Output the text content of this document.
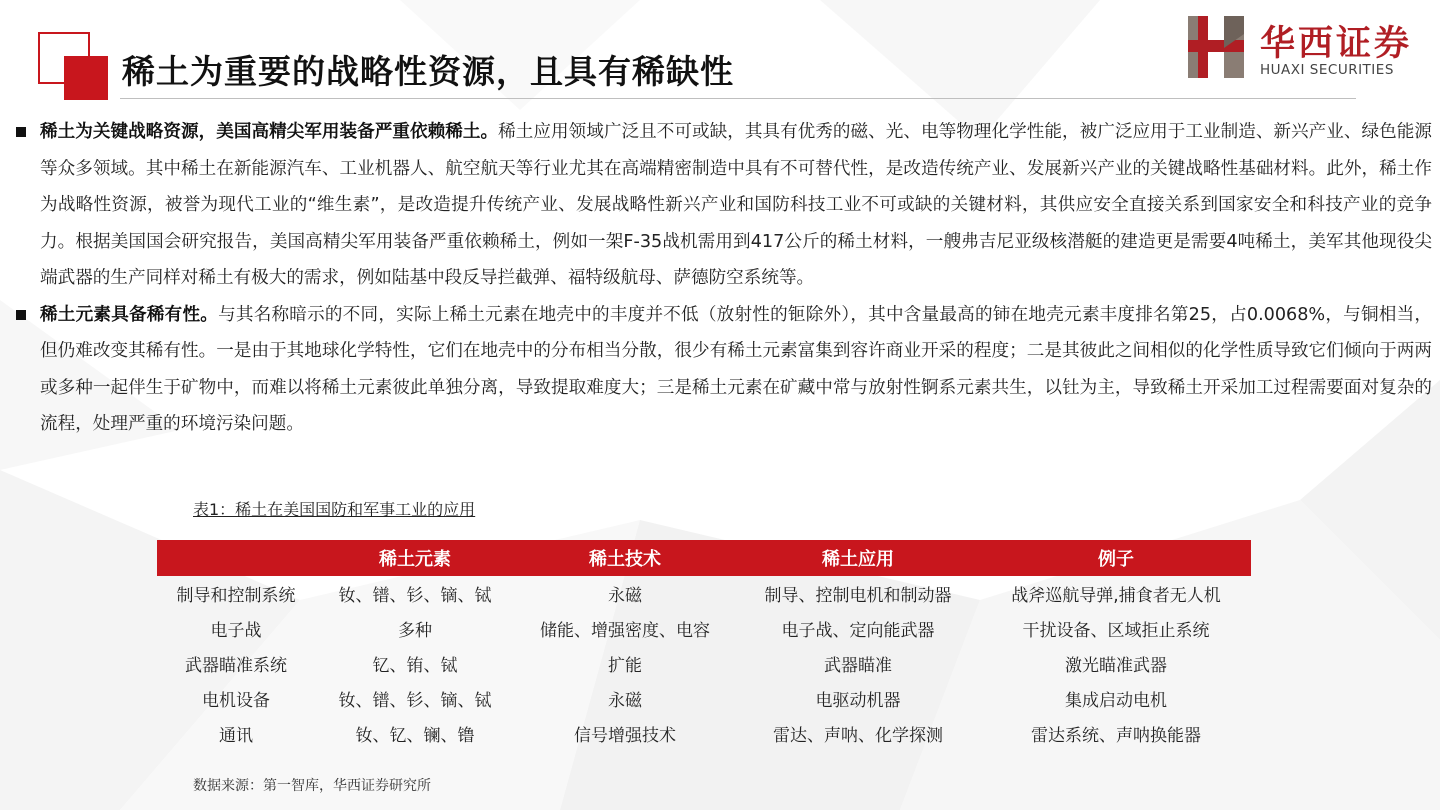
稀土为重要的战略性资源，且具有稀缺性
华西证券
HUAXI SECURITIES
稀土为关键战略资源，美国高精尖军用装备严重依赖稀土。稀土应用领域广泛且不可或缺，其具有优秀的磁、光、电等物理化学性能，被广泛应用于工业制造、新兴产业、绿色能源等众多领域。其中稀土在新能源汽车、工业机器人、航空航天等行业尤其在高端精密制造中具有不可替代性，是改造传统产业、发展新兴产业的关键战略性基础材料。此外，稀土作为战略性资源，被誉为现代工业的“维生素”，是改造提升传统产业、发展战略性新兴产业和国防科技工业不可或缺的关键材料，其供应安全直接关系到国家安全和科技产业的竞争力。根据美国国会研究报告，美国高精尖军用装备严重依赖稀土，例如一架F-35战机需用到417公斤的稀土材料，一艘弗吉尼亚级核潜艇的建造更是需要4吨稀土，美军其他现役尖端武器的生产同样对稀土有极大的需求，例如陆基中段反导拦截弹、福特级航母、萨德防空系统等。
稀土元素具备稀有性。与其名称暗示的不同，实际上稀土元素在地壳中的丰度并不低（放射性的钷除外），其中含量最高的铈在地壳元素丰度排名第25，占0.0068%，与铜相当，但仍难改变其稀有性。一是由于其地球化学特性，它们在地壳中的分布相当分散，很少有稀土元素富集到容许商业开采的程度；二是其彼此之间相似的化学性质导致它们倾向于两两或多种一起伴生于矿物中，而难以将稀土元素彼此单独分离，导致提取难度大；三是稀土元素在矿藏中常与放射性锕系元素共生，以钍为主，导致稀土开采加工过程需要面对复杂的流程，处理严重的环境污染问题。
表1：稀土在美国国防和军事工业的应用
	稀土元素	稀土技术	稀土应用	例子
制导和控制系统	钕、镨、钐、镝、铽	永磁	制导、控制电机和制动器	战斧巡航导弹,捕食者无人机
电子战	多种	储能、增强密度、电容	电子战、定向能武器	干扰设备、区域拒止系统
武器瞄准系统	钇、铕、铽	扩能	武器瞄准	激光瞄准武器
电机设备	钕、镨、钐、镝、铽	永磁	电驱动机器	集成启动电机
通讯	钕、钇、镧、镥	信号增强技术	雷达、声呐、化学探测	雷达系统、声呐换能器
数据来源：第一智库，华西证券研究所
